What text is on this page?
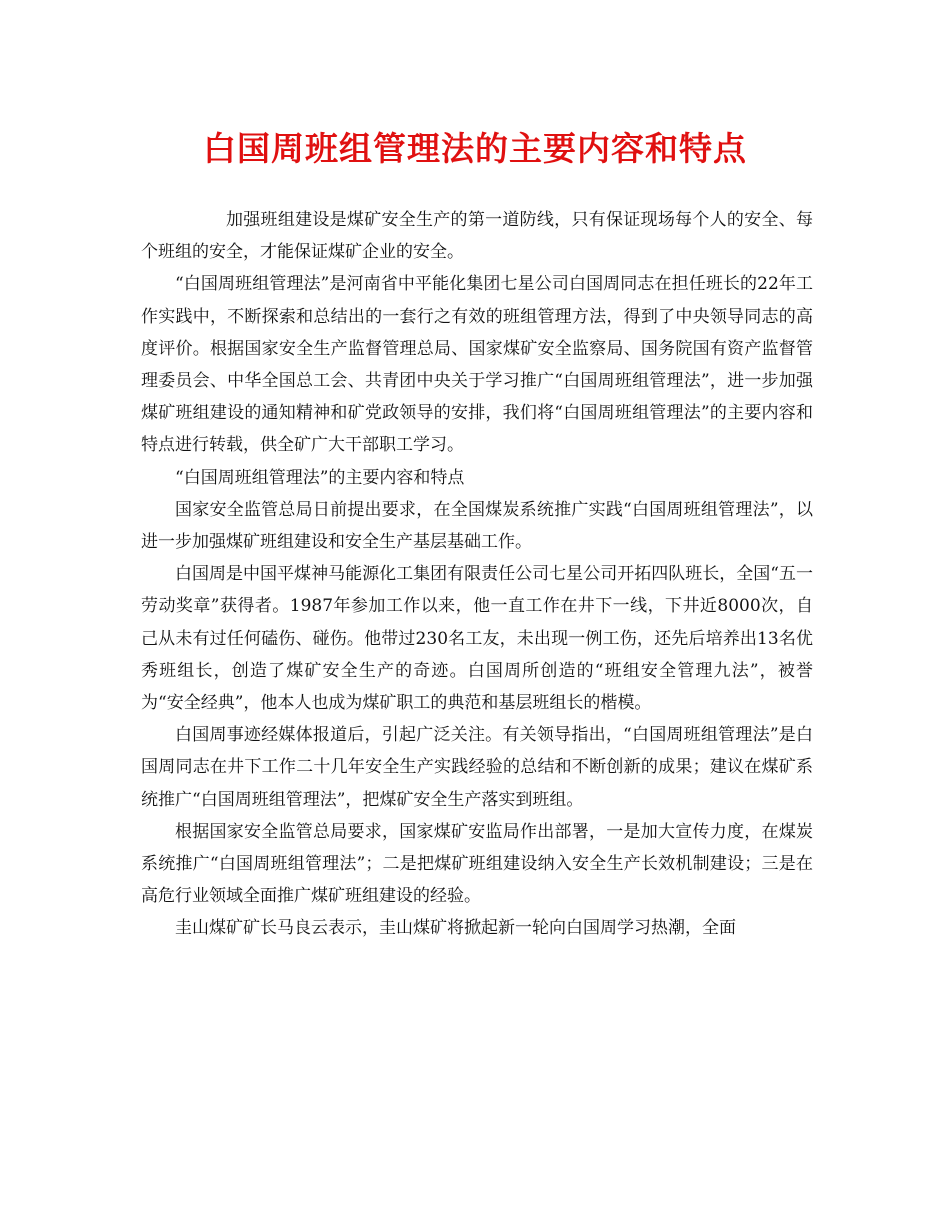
白国周班组管理法的主要内容和特点

加强班组建设是煤矿安全生产的第一道防线，只有保证现场每个人的安全、每个班组的安全，才能保证煤矿企业的安全。

“白国周班组管理法”是河南省中平能化集团七星公司白国周同志在担任班长的22年工作实践中，不断探索和总结出的一套行之有效的班组管理方法，得到了中央领导同志的高度评价。根据国家安全生产监督管理总局、国家煤矿安全监察局、国务院国有资产监督管理委员会、中华全国总工会、共青团中央关于学习推广“白国周班组管理法”，进一步加强煤矿班组建设的通知精神和矿党政领导的安排，我们将“白国周班组管理法”的主要内容和特点进行转载，供全矿广大干部职工学习。

“白国周班组管理法”的主要内容和特点

国家安全监管总局日前提出要求，在全国煤炭系统推广实践“白国周班组管理法”，以进一步加强煤矿班组建设和安全生产基层基础工作。

白国周是中国平煤神马能源化工集团有限责任公司七星公司开拓四队班长，全国“五一劳动奖章”获得者。1987年参加工作以来，他一直工作在井下一线，下井近8000次，自己从未有过任何磕伤、碰伤。他带过230名工友，未出现一例工伤，还先后培养出13名优秀班组长，创造了煤矿安全生产的奇迹。白国周所创造的“班组安全管理九法”，被誉为“安全经典”，他本人也成为煤矿职工的典范和基层班组长的楷模。

白国周事迹经媒体报道后，引起广泛关注。有关领导指出，“白国周班组管理法”是白国周同志在井下工作二十几年安全生产实践经验的总结和不断创新的成果；建议在煤矿系统推广“白国周班组管理法”，把煤矿安全生产落实到班组。

根据国家安全监管总局要求，国家煤矿安监局作出部署，一是加大宣传力度，在煤炭系统推广“白国周班组管理法”；二是把煤矿班组建设纳入安全生产长效机制建设；三是在高危行业领域全面推广煤矿班组建设的经验。

圭山煤矿矿长马良云表示，圭山煤矿将掀起新一轮向白国周学习热潮，全面
